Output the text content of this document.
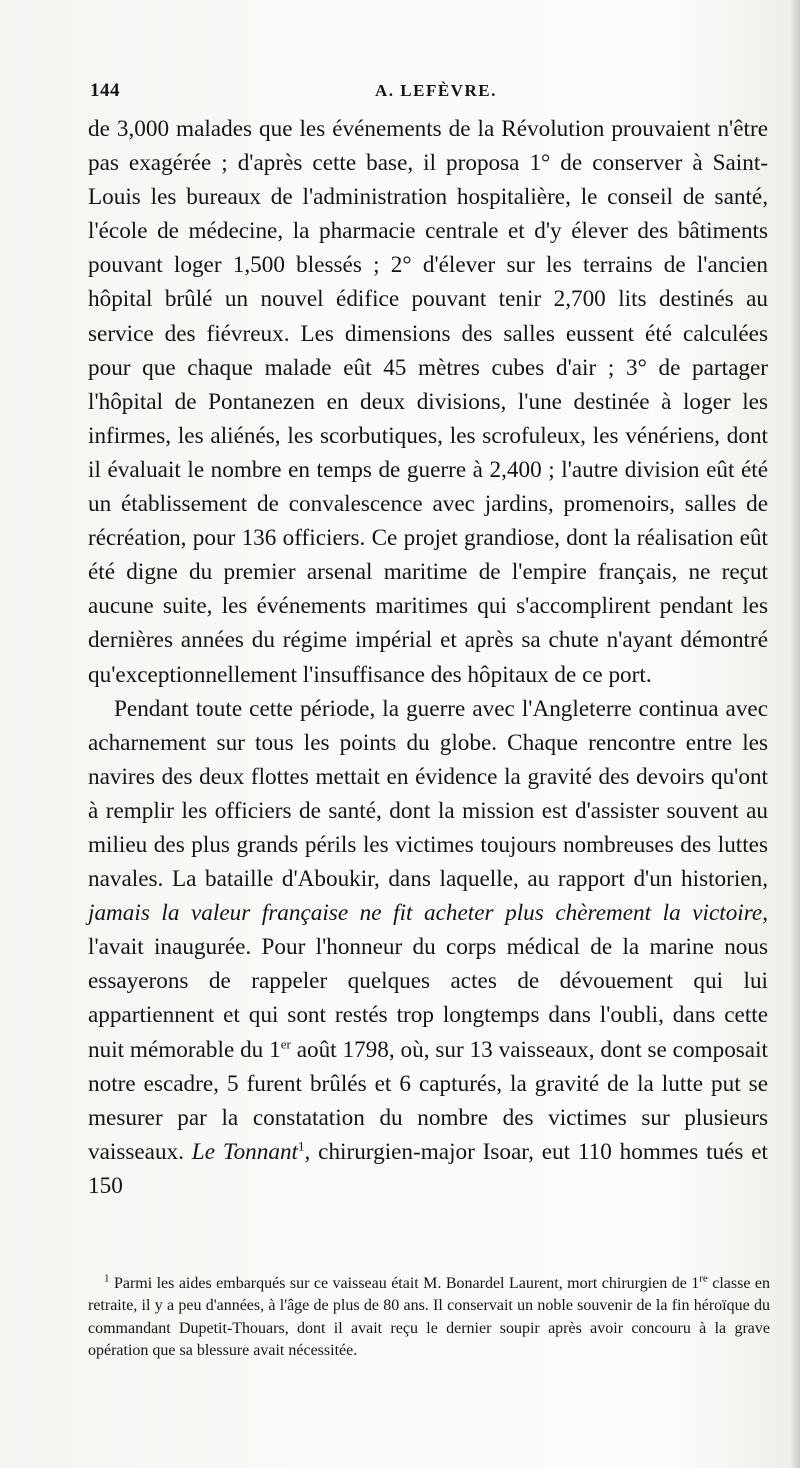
144	A. LEFÈVRE.

de 3,000 malades que les événements de la Révolution prouvaient n'être pas exagérée ; d'après cette base, il proposa 1° de conserver à Saint-Louis les bureaux de l'administration hospitalière, le conseil de santé, l'école de médecine, la pharmacie centrale et d'y élever des bâtiments pouvant loger 1,500 blessés ; 2° d'élever sur les terrains de l'ancien hôpital brûlé un nouvel édifice pouvant tenir 2,700 lits destinés au service des fiévreux. Les dimensions des salles eussent été calculées pour que chaque malade eût 45 mètres cubes d'air ; 3° de partager l'hôpital de Pontanezen en deux divisions, l'une destinée à loger les infirmes, les aliénés, les scorbutiques, les scrofuleux, les vénériens, dont il évaluait le nombre en temps de guerre à 2,400 ; l'autre division eût été un établissement de convalescence avec jardins, promenoirs, salles de récréation, pour 136 officiers. Ce projet grandiose, dont la réalisation eût été digne du premier arsenal maritime de l'empire français, ne reçut aucune suite, les événements maritimes qui s'accomplirent pendant les dernières années du régime impérial et après sa chute n'ayant démontré qu'exceptionnellement l'insuffisance des hôpitaux de ce port.

Pendant toute cette période, la guerre avec l'Angleterre continua avec acharnement sur tous les points du globe. Chaque rencontre entre les navires des deux flottes mettait en évidence la gravité des devoirs qu'ont à remplir les officiers de santé, dont la mission est d'assister souvent au milieu des plus grands périls les victimes toujours nombreuses des luttes navales. La bataille d'Aboukir, dans laquelle, au rapport d'un historien, jamais la valeur française ne fit acheter plus chèrement la victoire, l'avait inaugurée. Pour l'honneur du corps médical de la marine nous essayerons de rappeler quelques actes de dévouement qui lui appartiennent et qui sont restés trop longtemps dans l'oubli, dans cette nuit mémorable du 1er août 1798, où, sur 13 vaisseaux, dont se composait notre escadre, 5 furent brûlés et 6 capturés, la gravité de la lutte put se mesurer par la constatation du nombre des victimes sur plusieurs vaisseaux. Le Tonnant$^1$, chirurgien-major Isoar, eut 110 hommes tués et 150

$^1$ Parmi les aides embarqués sur ce vaisseau était M. Bonardel Laurent, mort chirurgien de 1re classe en retraite, il y a peu d'années, à l'âge de plus de 80 ans. Il conservait un noble souvenir de la fin héroïque du commandant Dupetit-Thouars, dont il avait reçu le dernier soupir après avoir concouru à la grave opération que sa blessure avait nécessitée.
